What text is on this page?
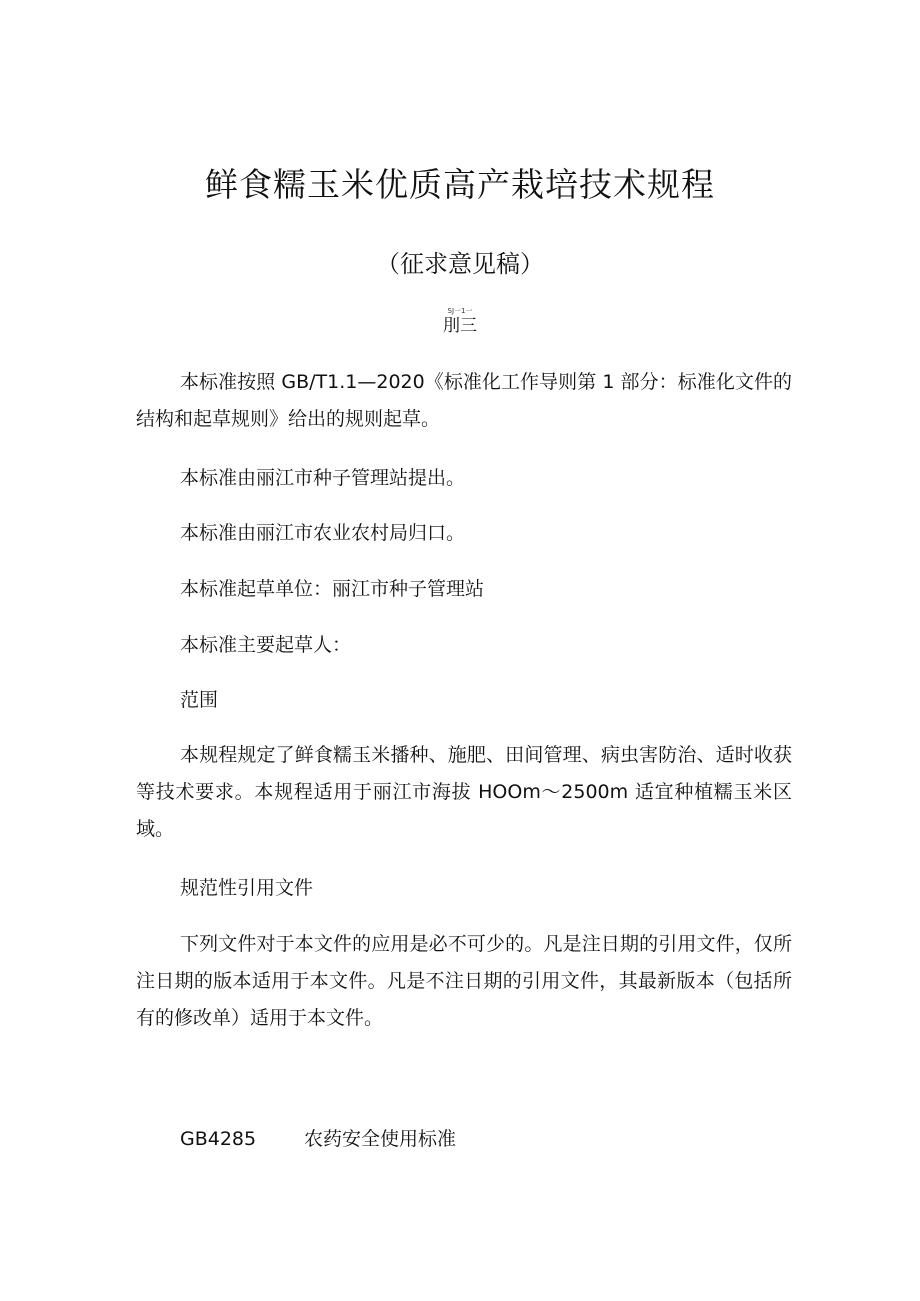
鲜食糯玉米优质高产栽培技术规程
（征求意见稿）
SJ一1一
刖三

本标准按照 GB/T1.1—2020《标准化工作导则第 1 部分：标准化文件的结构和起草规则》给出的规则起草。

本标准由丽江市种子管理站提出。

本标准由丽江市农业农村局归口。

本标准起草单位：丽江市种子管理站

本标准主要起草人：

范围

本规程规定了鲜食糯玉米播种、施肥、田间管理、病虫害防治、适时收获等技术要求。本规程适用于丽江市海拔 HOOm～2500m 适宜种植糯玉米区域。

规范性引用文件

下列文件对于本文件的应用是必不可少的。凡是注日期的引用文件，仅所注日期的版本适用于本文件。凡是不注日期的引用文件，其最新版本（包括所有的修改单）适用于本文件。

GB4285	农药安全使用标准
